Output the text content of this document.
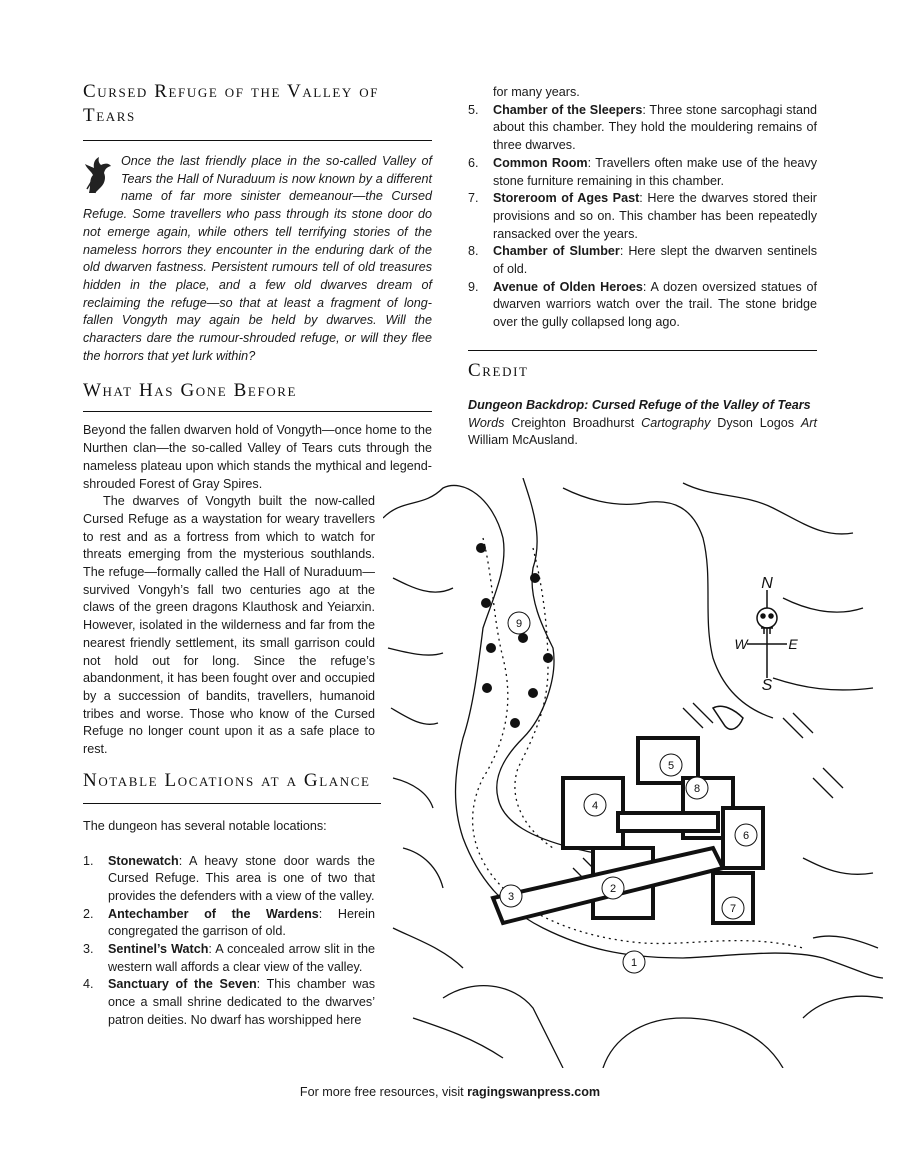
Cursed Refuge of the Valley of Tears

Once the last friendly place in the so-called Valley of Tears the Hall of Nuraduum is now known by a different name of far more sinister demeanour—the Cursed Refuge. Some travellers who pass through its stone door do not emerge again, while others tell terrifying stories of the nameless horrors they encounter in the enduring dark of the old dwarven fastness. Persistent rumours tell of old treasures hidden in the place, and a few old dwarves dream of reclaiming the refuge—so that at least a fragment of long-fallen Vongyth may again be held by dwarves. Will the characters dare the rumour-shrouded refuge, or will they flee the horrors that yet lurk within?

What Has Gone Before

Beyond the fallen dwarven hold of Vongyth—once home to the Nurthen clan—the so-called Valley of Tears cuts through the nameless plateau upon which stands the mythical and legend-shrouded Forest of Gray Spires.

The dwarves of Vongyth built the now-called Cursed Refuge as a waystation for weary travellers to rest and as a fortress from which to watch for threats emerging from the mysterious southlands. The refuge—formally called the Hall of Nuraduum—survived Vongyh’s fall two centuries ago at the claws of the green dragons Klauthosk and Yeiarxin. However, isolated in the wilderness and far from the nearest friendly settlement, its small garrison could not hold out for long. Since the refuge’s abandonment, it has been fought over and occupied by a succession of bandits, travellers, humanoid tribes and worse. Those who know of the Cursed Refuge no longer count upon it as a safe place to rest.

Notable Locations at a Glance

The dungeon has several notable locations:

1. Stonewatch: A heavy stone door wards the Cursed Refuge. This area is one of two that provides the defenders with a view of the valley.
2. Antechamber of the Wardens: Herein congregated the garrison of old.
3. Sentinel’s Watch: A concealed arrow slit in the western wall affords a clear view of the valley.
4. Sanctuary of the Seven: This chamber was once a small shrine dedicated to the dwarves’ patron deities. No dwarf has worshipped here
for many years.
5. Chamber of the Sleepers: Three stone sarcophagi stand about this chamber. They hold the mouldering remains of three dwarves.
6. Common Room: Travellers often make use of the heavy stone furniture remaining in this chamber.
7. Storeroom of Ages Past: Here the dwarves stored their provisions and so on. This chamber has been repeatedly ransacked over the years.
8. Chamber of Slumber: Here slept the dwarven sentinels of old.
9. Avenue of Olden Heroes: A dozen oversized statues of dwarven warriors watch over the trail. The stone bridge over the gully collapsed long ago.
Credit

Dungeon Backdrop: Cursed Refuge of the Valley of Tears
Words Creighton Broadhurst Cartography Dyson Logos Art William McAusland.

1
2
3
4
5
6
7
8
9
N
S
W	E
For more free resources, visit ragingswanpress.com
